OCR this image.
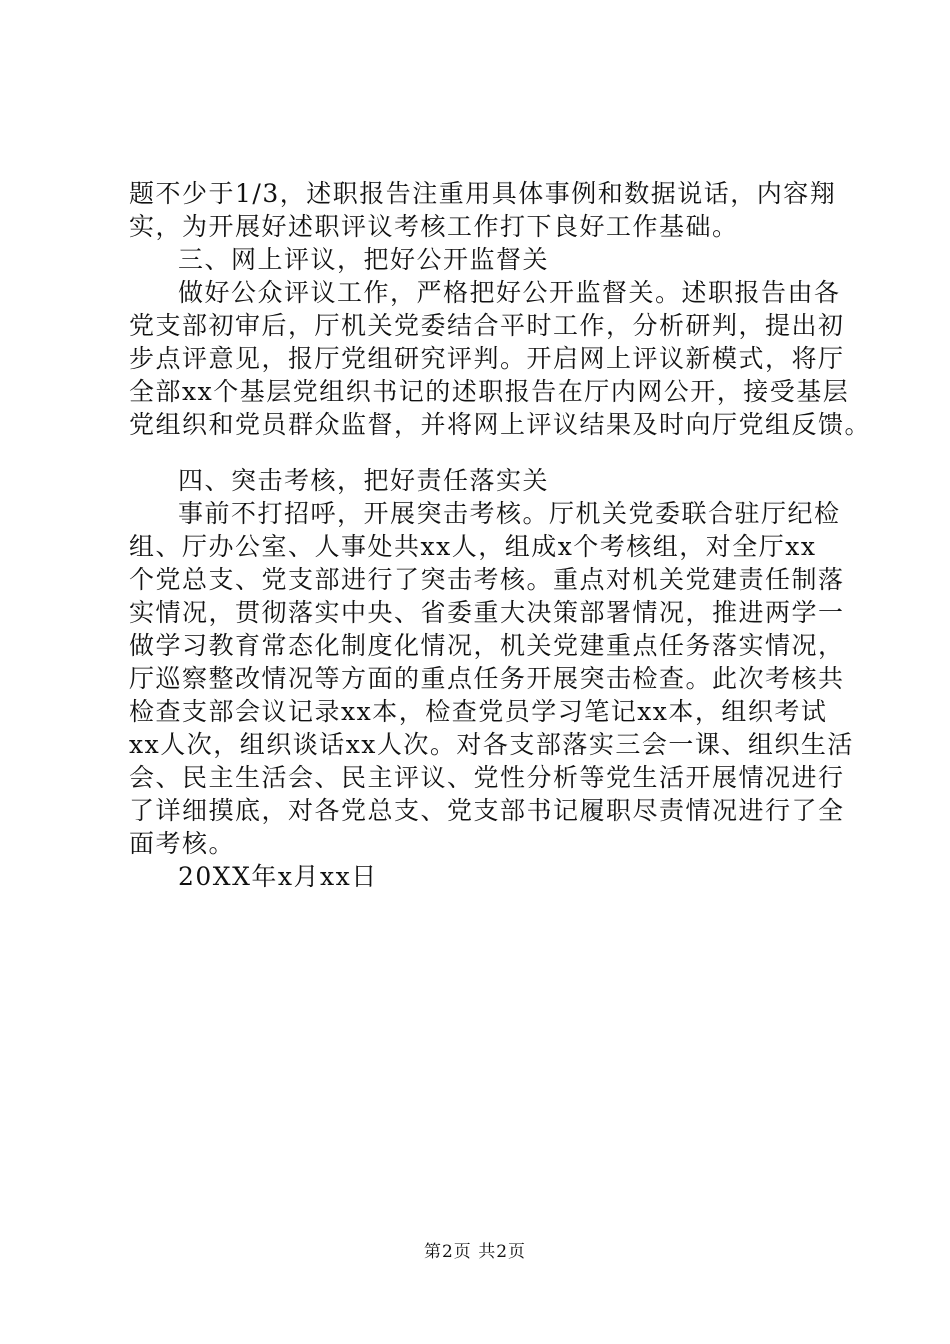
题不少于1/3，述职报告注重用具体事例和数据说话，内容翔
实，为开展好述职评议考核工作打下良好工作基础。
三、网上评议，把好公开监督关
做好公众评议工作，严格把好公开监督关。述职报告由各
党支部初审后，厅机关党委结合平时工作，分析研判，提出初
步点评意见，报厅党组研究评判。开启网上评议新模式，将厅
全部xx个基层党组织书记的述职报告在厅内网公开，接受基层
党组织和党员群众监督，并将网上评议结果及时向厅党组反馈。
四、突击考核，把好责任落实关
事前不打招呼，开展突击考核。厅机关党委联合驻厅纪检
组、厅办公室、人事处共xx人，组成x个考核组，对全厅xx
个党总支、党支部进行了突击考核。重点对机关党建责任制落
实情况，贯彻落实中央、省委重大决策部署情况，推进两学一
做学习教育常态化制度化情况，机关党建重点任务落实情况，
厅巡察整改情况等方面的重点任务开展突击检查。此次考核共
检查支部会议记录xx本，检查党员学习笔记xx本，组织考试
xx人次，组织谈话xx人次。对各支部落实三会一课、组织生活
会、民主生活会、民主评议、党性分析等党生活开展情况进行
了详细摸底，对各党总支、党支部书记履职尽责情况进行了全
面考核。
20XX年x月xx日
第2页 共2页
